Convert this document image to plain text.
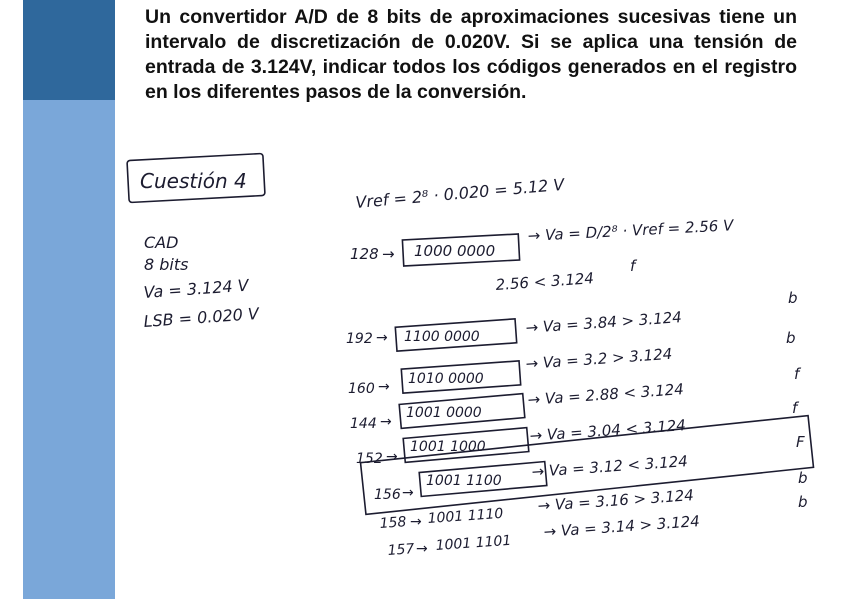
Un convertidor A/D de 8 bits de aproximaciones sucesivas tiene un intervalo de discretización de 0.020V. Si se aplica una tensión de entrada de 3.124V, indicar todos los códigos generados en el registro en los diferentes pasos de la conversión.

Cuestión 4
CAD
8 bits
Va = 3.124 V
LSB = 0.020 V
Vref = 2⁸ · 0.020 = 5.12 V
128 → 1000 0000
→ Va = D/2⁸ · Vref = 2.56 V
2.56 < 3.124
f
192 → 1100 0000
→ Va = 3.84 > 3.124
b
160 → 1010 0000
→ Va = 3.2 > 3.124
b
144 →
1001 0000
→ Va = 2.88 < 3.124
f
152 →
1001 1000
→ Va = 3.04 < 3.124
f
156 →
1001 1100
→ Va = 3.12 < 3.124
F
158 → 1001 1110
→ Va = 3.16 > 3.124
b
157 → 1001 1101
→ Va = 3.14 > 3.124
b
